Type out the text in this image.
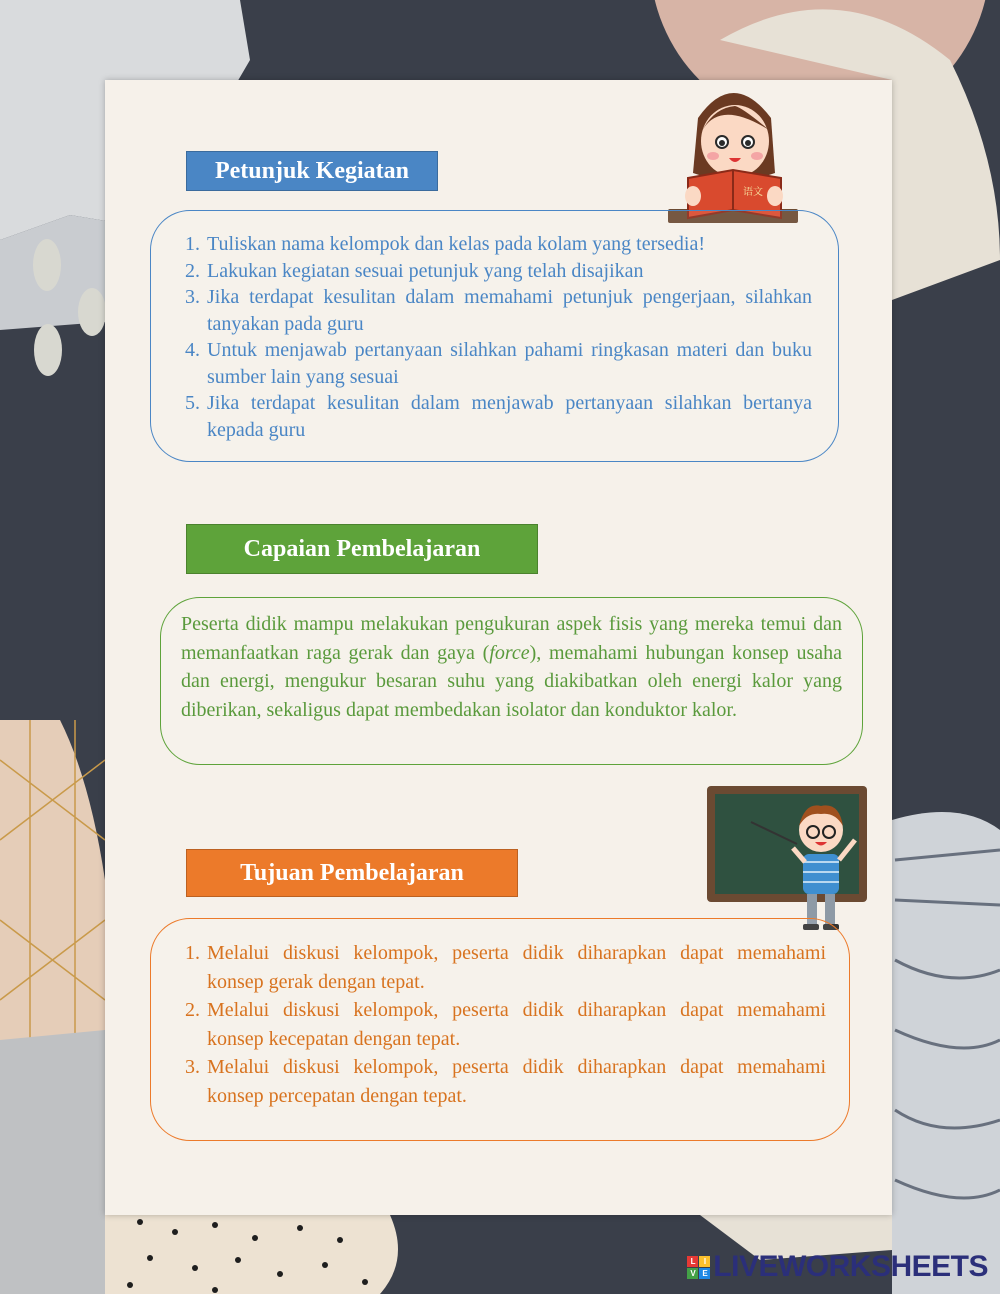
语文
Petunjuk Kegiatan
1. Tuliskan nama kelompok dan kelas pada kolam yang tersedia!
2. Lakukan kegiatan sesuai petunjuk yang telah disajikan
3. Jika terdapat kesulitan dalam memahami petunjuk pengerjaan, silahkan tanyakan pada guru
4. Untuk menjawab pertanyaan silahkan pahami ringkasan materi dan buku sumber lain yang sesuai
5. Jika terdapat kesulitan dalam menjawab pertanyaan silahkan bertanya kepada guru
Capaian Pembelajaran
Peserta didik mampu melakukan pengukuran aspek fisis yang mereka temui dan memanfaatkan raga gerak dan gaya (force), memahami hubungan konsep usaha dan energi, mengukur besaran suhu yang diakibatkan oleh energi kalor yang diberikan, sekaligus dapat membedakan isolator dan konduktor kalor.
Tujuan Pembelajaran
1. Melalui diskusi kelompok, peserta didik diharapkan dapat memahami konsep gerak dengan tepat.
2. Melalui diskusi kelompok, peserta didik diharapkan dapat memahami konsep kecepatan dengan tepat.
3. Melalui diskusi kelompok, peserta didik diharapkan dapat memahami konsep percepatan dengan tepat.
L	I
V E LIVEWORKSHEETS
